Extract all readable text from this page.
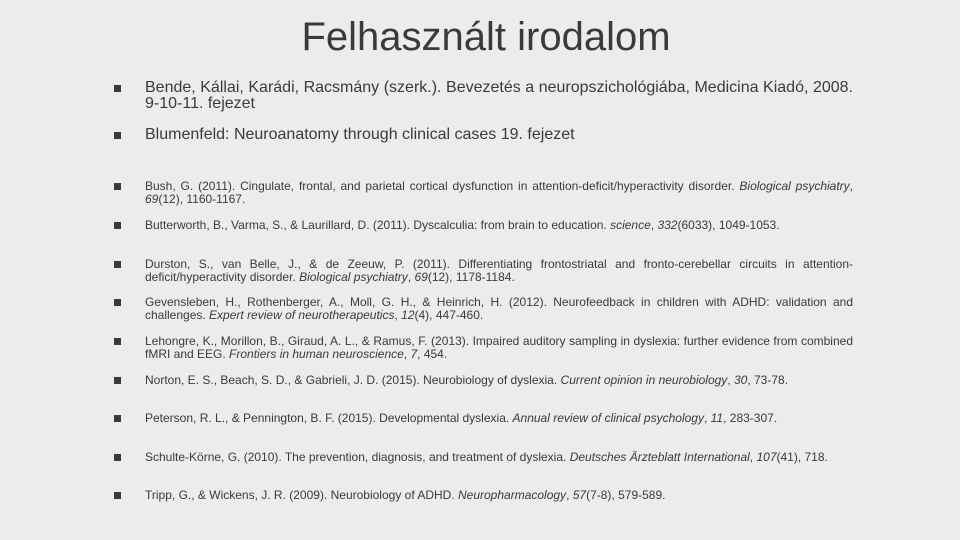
Felhasznált irodalom
Bende, Kállai, Karádi, Racsmány (szerk.). Bevezetés a neuropszichológiába, Medicina Kiadó, 2008. 9-10-11. fejezet
Blumenfeld: Neuroanatomy through clinical cases 19. fejezet
Bush, G. (2011). Cingulate, frontal, and parietal cortical dysfunction in attention-deficit/hyperactivity disorder. Biological psychiatry, 69(12), 1160-1167.
Butterworth, B., Varma, S., & Laurillard, D. (2011). Dyscalculia: from brain to education. science, 332(6033), 1049-1053.
Durston, S., van Belle, J., & de Zeeuw, P. (2011). Differentiating frontostriatal and fronto-cerebellar circuits in attention-deficit/hyperactivity disorder. Biological psychiatry, 69(12), 1178-1184.
Gevensleben, H., Rothenberger, A., Moll, G. H., & Heinrich, H. (2012). Neurofeedback in children with ADHD: validation and challenges. Expert review of neurotherapeutics, 12(4), 447-460.
Lehongre, K., Morillon, B., Giraud, A. L., & Ramus, F. (2013). Impaired auditory sampling in dyslexia: further evidence from combined fMRI and EEG. Frontiers in human neuroscience, 7, 454.
Norton, E. S., Beach, S. D., & Gabrieli, J. D. (2015). Neurobiology of dyslexia. Current opinion in neurobiology, 30, 73-78.
Peterson, R. L., & Pennington, B. F. (2015). Developmental dyslexia. Annual review of clinical psychology, 11, 283-307.
Schulte-Körne, G. (2010). The prevention, diagnosis, and treatment of dyslexia. Deutsches Ärzteblatt International, 107(41), 718.
Tripp, G., & Wickens, J. R. (2009). Neurobiology of ADHD. Neuropharmacology, 57(7-8), 579-589.
